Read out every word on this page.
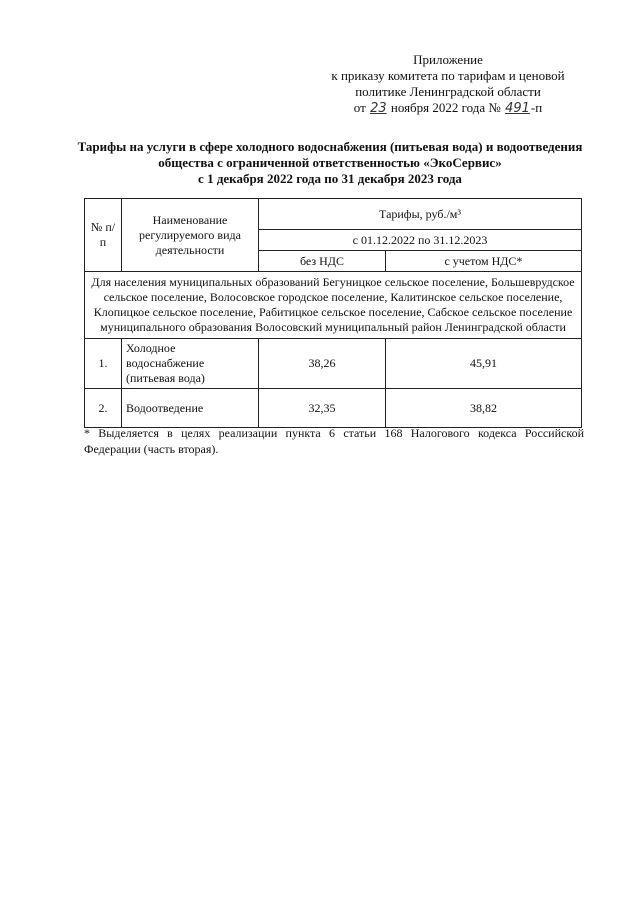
Приложение
к приказу комитета по тарифам и ценовой
политике Ленинградской области
от 23 ноября 2022 года № 491-п
Тарифы на услуги в сфере холодного водоснабжения (питьевая вода) и водоотведения
общества с ограниченной ответственностью «ЭкоСервис»
с 1 декабря 2022 года по 31 декабря 2023 года
№ п/п	Наименование регулируемого вида деятельности	Тарифы, руб./м³	
		с 01.12.2022 по 31.12.2023	
		без НДС	с учетом НДС*
Для населения муниципальных образований Бегуницкое сельское поселение, Большеврудское сельское поселение, Волосовское городское поселение, Калитинское сельское поселение, Клопицкое сельское поселение, Рабитицкое сельское поселение, Сабское сельское поселение муниципального образования Волосовский муниципальный район Ленинградской области			
1.	Холодное водоснабжение (питьевая вода)	38,26	45,91
2.	Водоотведение	32,35	38,82
* Выделяется в целях реализации пункта 6 статьи 168 Налогового кодекса Российской Федерации (часть вторая).
